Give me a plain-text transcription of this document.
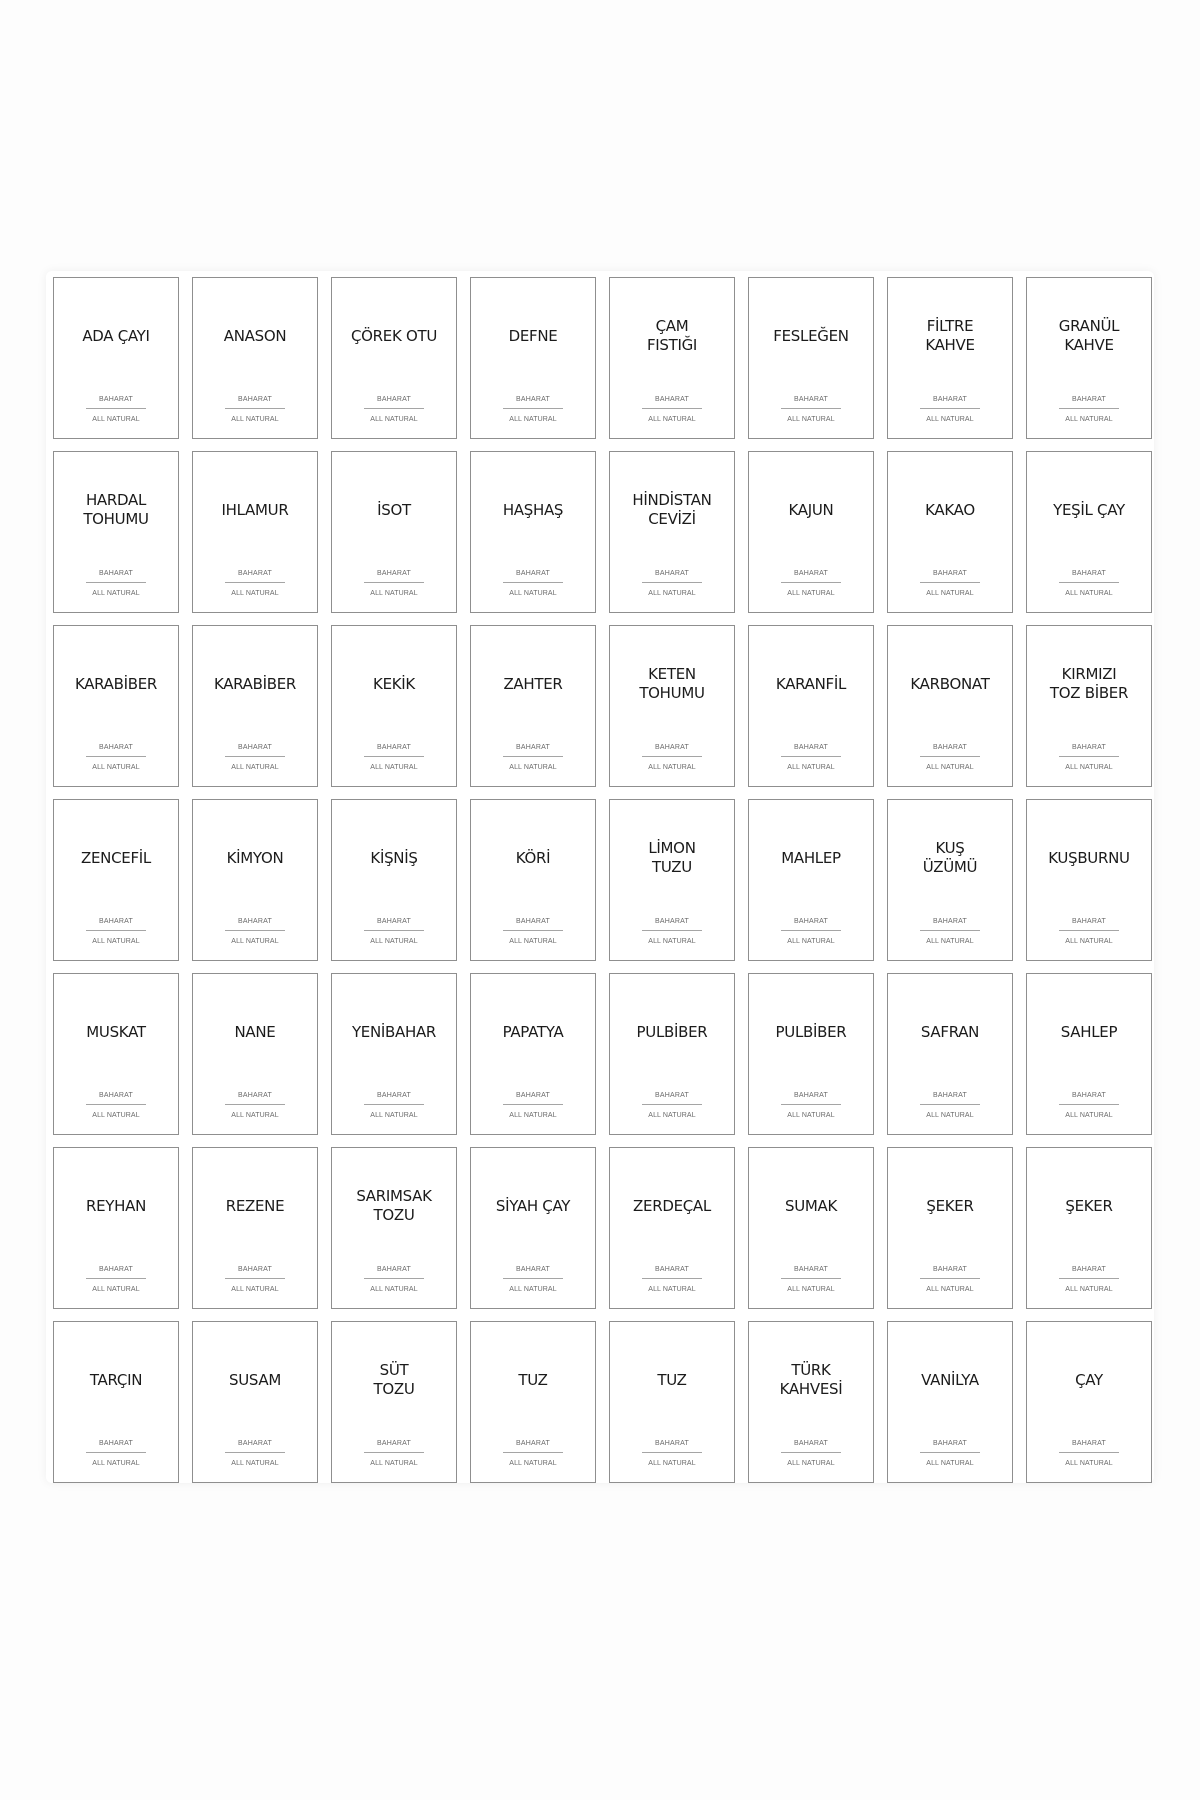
ADA ÇAYI
BAHARAT
ALL NATURAL
ANASON
BAHARAT
ALL NATURAL
ÇÖREK OTU
BAHARAT
ALL NATURAL
DEFNE
BAHARAT
ALL NATURAL
ÇAM
FISTIĞI
BAHARAT
ALL NATURAL
FESLEĞEN
BAHARAT
ALL NATURAL
FİLTRE
KAHVE
BAHARAT
ALL NATURAL
GRANÜL
KAHVE
BAHARAT
ALL NATURAL
HARDAL
TOHUMU
BAHARAT
ALL NATURAL
IHLAMUR
BAHARAT
ALL NATURAL
İSOT
BAHARAT
ALL NATURAL
HAŞHAŞ
BAHARAT
ALL NATURAL
HİNDİSTAN
CEVİZİ
BAHARAT
ALL NATURAL
KAJUN
BAHARAT
ALL NATURAL
KAKAO
BAHARAT
ALL NATURAL
YEŞİL ÇAY
BAHARAT
ALL NATURAL
KARABİBER
BAHARAT
ALL NATURAL
KARABİBER
BAHARAT
ALL NATURAL
KEKİK
BAHARAT
ALL NATURAL
ZAHTER
BAHARAT
ALL NATURAL
KETEN
TOHUMU
BAHARAT
ALL NATURAL
KARANFİL
BAHARAT
ALL NATURAL
KARBONAT
BAHARAT
ALL NATURAL
KIRMIZI
TOZ BİBER
BAHARAT
ALL NATURAL
ZENCEFİL
BAHARAT
ALL NATURAL
KİMYON
BAHARAT
ALL NATURAL
KİŞNİŞ
BAHARAT
ALL NATURAL
KÖRİ
BAHARAT
ALL NATURAL
LİMON
TUZU
BAHARAT
ALL NATURAL
MAHLEP
BAHARAT
ALL NATURAL
KUŞ
ÜZÜMÜ
BAHARAT
ALL NATURAL
KUŞBURNU
BAHARAT
ALL NATURAL
MUSKAT
BAHARAT
ALL NATURAL
NANE
BAHARAT
ALL NATURAL
YENİBAHAR
BAHARAT
ALL NATURAL
PAPATYA
BAHARAT
ALL NATURAL
PULBİBER
BAHARAT
ALL NATURAL
PULBİBER
BAHARAT
ALL NATURAL
SAFRAN
BAHARAT
ALL NATURAL
SAHLEP
BAHARAT
ALL NATURAL
REYHAN
BAHARAT
ALL NATURAL
REZENE
BAHARAT
ALL NATURAL
SARIMSAK
TOZU
BAHARAT
ALL NATURAL
SİYAH ÇAY
BAHARAT
ALL NATURAL
ZERDEÇAL
BAHARAT
ALL NATURAL
SUMAK
BAHARAT
ALL NATURAL
ŞEKER
BAHARAT
ALL NATURAL
ŞEKER
BAHARAT
ALL NATURAL
TARÇIN
BAHARAT
ALL NATURAL
SUSAM
BAHARAT
ALL NATURAL
SÜT
TOZU
BAHARAT
ALL NATURAL
TUZ
BAHARAT
ALL NATURAL
TUZ
BAHARAT
ALL NATURAL
TÜRK
KAHVESİ
BAHARAT
ALL NATURAL
VANİLYA
BAHARAT
ALL NATURAL
ÇAY
BAHARAT
ALL NATURAL
